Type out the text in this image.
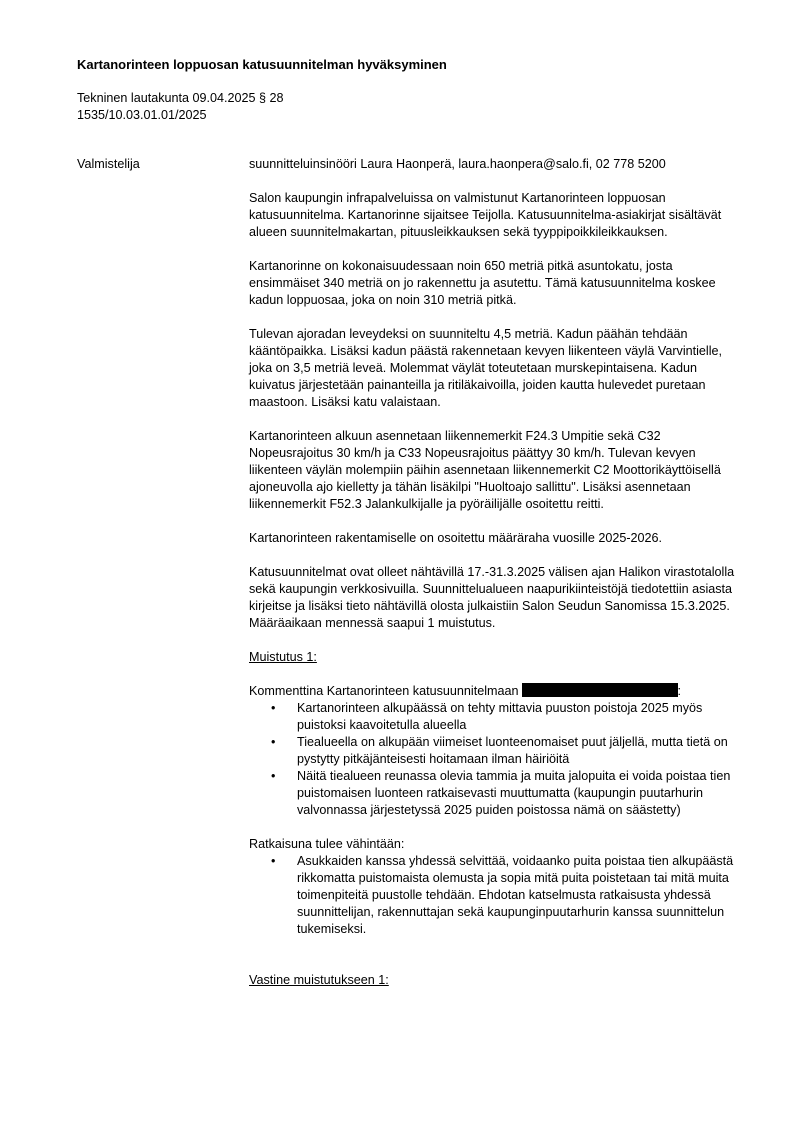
Kartanorinteen loppuosan katusuunnitelman hyväksyminen
Tekninen lautakunta 09.04.2025 § 28
1535/10.03.01.01/2025
Valmistelija	suunnitteluinsinööri Laura Haonperä, laura.haonpera@salo.fi, 02 778 5200

Salon kaupungin infrapalveluissa on valmistunut Kartanorinteen loppuosan katusuunnitelma. Kartanorinne sijaitsee Teijolla. Katusuunnitelma-asiakirjat sisältävät alueen suunnitelmakartan, pituusleikkauksen sekä tyyppipoikkileikkauksen.

Kartanorinne on kokonaisuudessaan noin 650 metriä pitkä asuntokatu, josta ensimmäiset 340 metriä on jo rakennettu ja asutettu. Tämä katusuunnitelma koskee kadun loppuosaa, joka on noin 310 metriä pitkä.

Tulevan ajoradan leveydeksi on suunniteltu 4,5 metriä. Kadun päähän tehdään kääntöpaikka. Lisäksi kadun päästä rakennetaan kevyen liikenteen väylä Varvintielle, joka on 3,5 metriä leveä. Molemmat väylät toteutetaan murskepintaisena. Kadun kuivatus järjestetään painanteilla ja ritiläkaivoilla, joiden kautta hulevedet puretaan maastoon. Lisäksi katu valaistaan.

Kartanorinteen alkuun asennetaan liikennemerkit F24.3 Umpitie sekä C32 Nopeusrajoitus 30 km/h ja C33 Nopeusrajoitus päättyy 30 km/h. Tulevan kevyen liikenteen väylän molempiin päihin asennetaan liikennemerkit C2 Moottorikäyttöisellä ajoneuvolla ajo kielletty ja tähän lisäkilpi "Huoltoajo sallittu". Lisäksi asennetaan liikennemerkit F52.3 Jalankulkijalle ja pyöräilijälle osoitettu reitti.

Kartanorinteen rakentamiselle on osoitettu määräraha vuosille 2025-2026.

Katusuunnitelmat ovat olleet nähtävillä 17.-31.3.2025 välisen ajan Halikon virastotalolla sekä kaupungin verkkosivuilla. Suunnittelualueen naapurikiinteistöjä tiedotettiin asiasta kirjeitse ja lisäksi tieto nähtävillä olosta julkaistiin Salon Seudun Sanomissa 15.3.2025. Määräaikaan mennessä saapui 1 muistutus.

Muistutus 1:

Kommenttina Kartanorinteen katusuunnitelmaan	:
• Kartanorinteen alkupäässä on tehty mittavia puuston poistoja 2025 myös puistoksi kaavoitetulla alueella
• Tiealueella on alkupään viimeiset luonteenomaiset puut jäljellä, mutta tietä on pystytty pitkäjänteisesti hoitamaan ilman häiriöitä
• Näitä tiealueen reunassa olevia tammia ja muita jalopuita ei voida poistaa tien puistomaisen luonteen ratkaisevasti muuttumatta (kaupungin puutarhurin valvonnassa järjestetyssä 2025 puiden poistossa nämä on säästetty)
Ratkaisuna tulee vähintään:
• Asukkaiden kanssa yhdessä selvittää, voidaanko puita poistaa tien alkupäästä rikkomatta puistomaista olemusta ja sopia mitä puita poistetaan tai mitä muita toimenpiteitä puustolle tehdään. Ehdotan katselmusta ratkaisusta yhdessä suunnittelijan, rakennuttajan sekä kaupunginpuutarhurin kanssa suunnittelun tukemiseksi.
Vastine muistutukseen 1:
